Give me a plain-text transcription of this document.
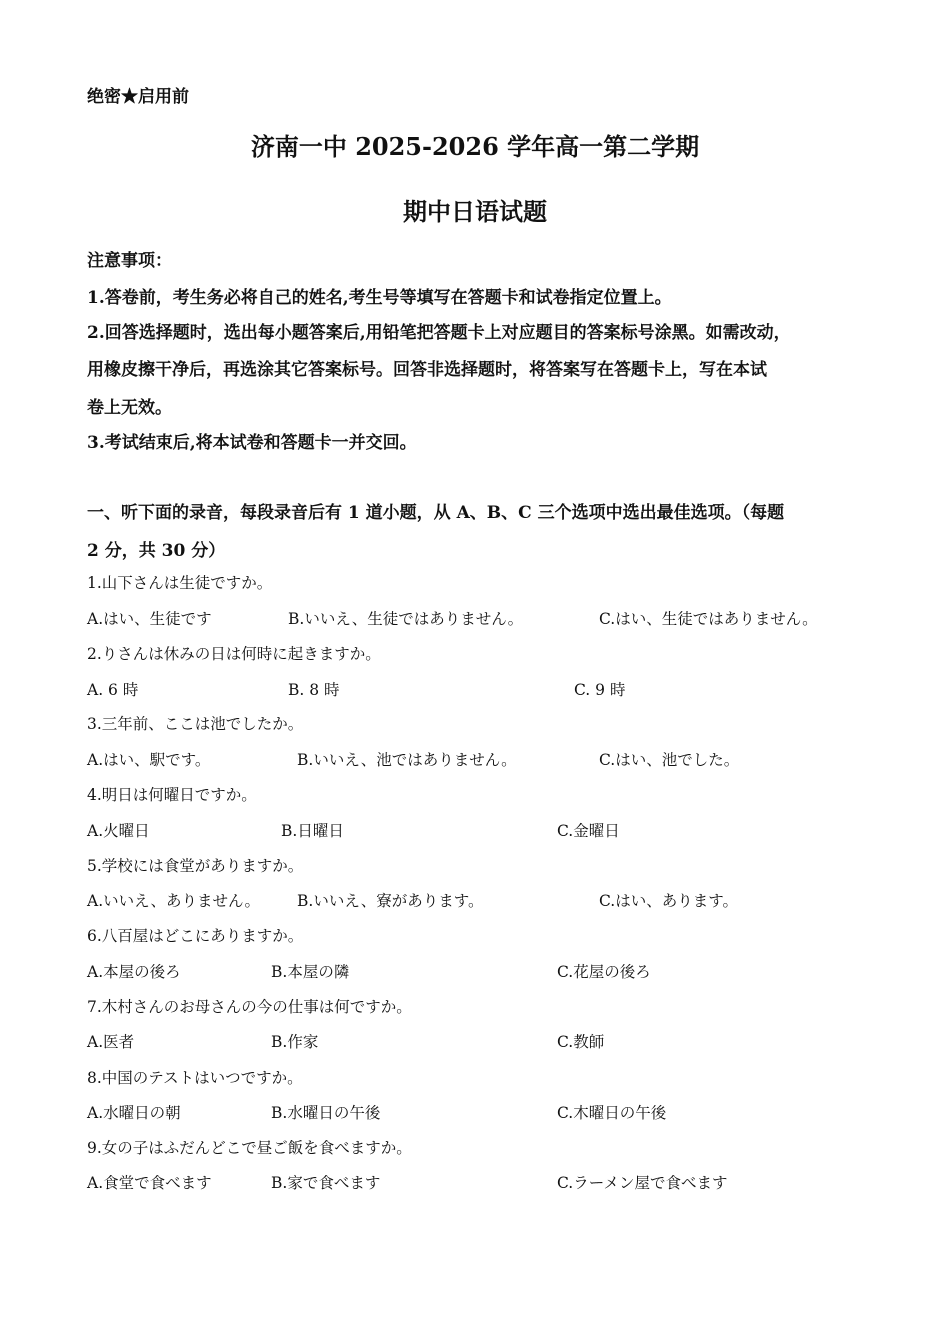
绝密★启用前
济南一中 2025-2026 学年高一第二学期
期中日语试题
注意事项：
1.答卷前，考生务必将自己的姓名,考生号等填写在答题卡和试卷指定位置上。
2.回答选择题时，选出每小题答案后,用铅笔把答题卡上对应题目的答案标号涂黑。如需改动，
用橡皮擦干净后，再选涂其它答案标号。回答非选择题时，将答案写在答题卡上，写在本试
卷上无效。
3.考试结束后,将本试卷和答题卡一并交回。
一、听下面的录音，每段录音后有 1 道小题，从 A、B、C 三个选项中选出最佳选项。（每题
2 分，共 30 分）
1.山下さんは生徒ですか。
A.はい、生徒です	B.いいえ、生徒ではありません。	C.はい、生徒ではありません。
2.りさんは休みの日は何時に起きますか。
A. 6 時	B. 8 時	C. 9 時
3.三年前、ここは池でしたか。
A.はい、駅です。	B.いいえ、池ではありません。	C.はい、池でした。
4.明日は何曜日ですか。
A.火曜日	B.日曜日	C.金曜日
5.学校には食堂がありますか。
A.いいえ、ありません。 B.いいえ、寮があります。	C.はい、あります。
6.八百屋はどこにありますか。
A.本屋の後ろ	B.本屋の隣	C.花屋の後ろ
7.木村さんのお母さんの今の仕事は何ですか。
A.医者	B.作家	C.教師
8.中国のテストはいつですか。
A.水曜日の朝	B.水曜日の午後	C.木曜日の午後
9.女の子はふだんどこで昼ご飯を食べますか。
A.食堂で食べます	B.家で食べます	C.ラーメン屋で食べます
